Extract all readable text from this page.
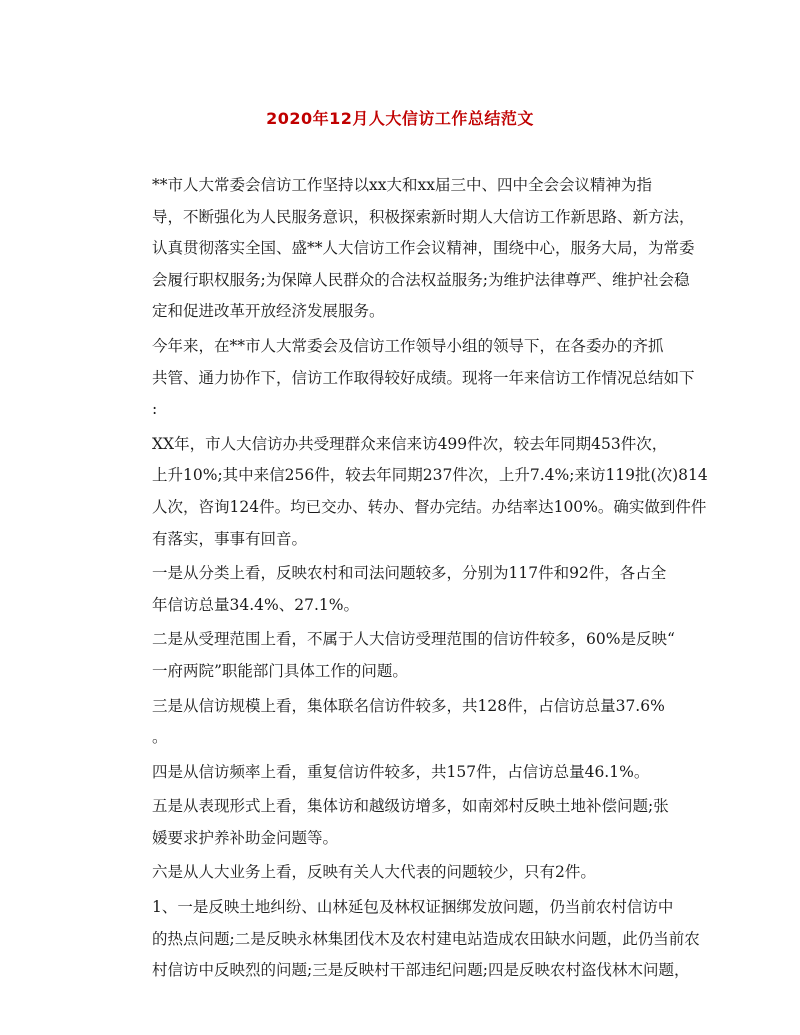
2020年12月人大信访工作总结范文

**市人大常委会信访工作坚持以xx大和xx届三中、四中全会会议精神为指
导，不断强化为人民服务意识，积极探索新时期人大信访工作新思路、新方法，
认真贯彻落实全国、盛**人大信访工作会议精神，围绕中心，服务大局，为常委
会履行职权服务;为保障人民群众的合法权益服务;为维护法律尊严、维护社会稳
定和促进改革开放经济发展服务。

今年来，在**市人大常委会及信访工作领导小组的领导下，在各委办的齐抓
共管、通力协作下，信访工作取得较好成绩。现将一年来信访工作情况总结如下
:

XX年，市人大信访办共受理群众来信来访499件次，较去年同期453件次，
上升10%;其中来信256件，较去年同期237件次，上升7.4%;来访119批(次)814
人次，咨询124件。均已交办、转办、督办完结。办结率达100%。确实做到件件
有落实，事事有回音。

一是从分类上看，反映农村和司法问题较多，分别为117件和92件，各占全
年信访总量34.4%、27.1%。

二是从受理范围上看，不属于人大信访受理范围的信访件较多，60%是反映“
一府两院”职能部门具体工作的问题。

三是从信访规模上看，集体联名信访件较多，共128件，占信访总量37.6%
。

四是从信访频率上看，重复信访件较多，共157件，占信访总量46.1%。

五是从表现形式上看，集体访和越级访增多，如南郊村反映土地补偿问题;张
媛要求护养补助金问题等。

六是从人大业务上看，反映有关人大代表的问题较少，只有2件。

1、一是反映土地纠纷、山林延包及林权证捆绑发放问题，仍当前农村信访中
的热点问题;二是反映永林集团伐木及农村建电站造成农田缺水问题，此仍当前农
村信访中反映烈的问题;三是反映村干部违纪问题;四是反映农村盗伐林木问题，
